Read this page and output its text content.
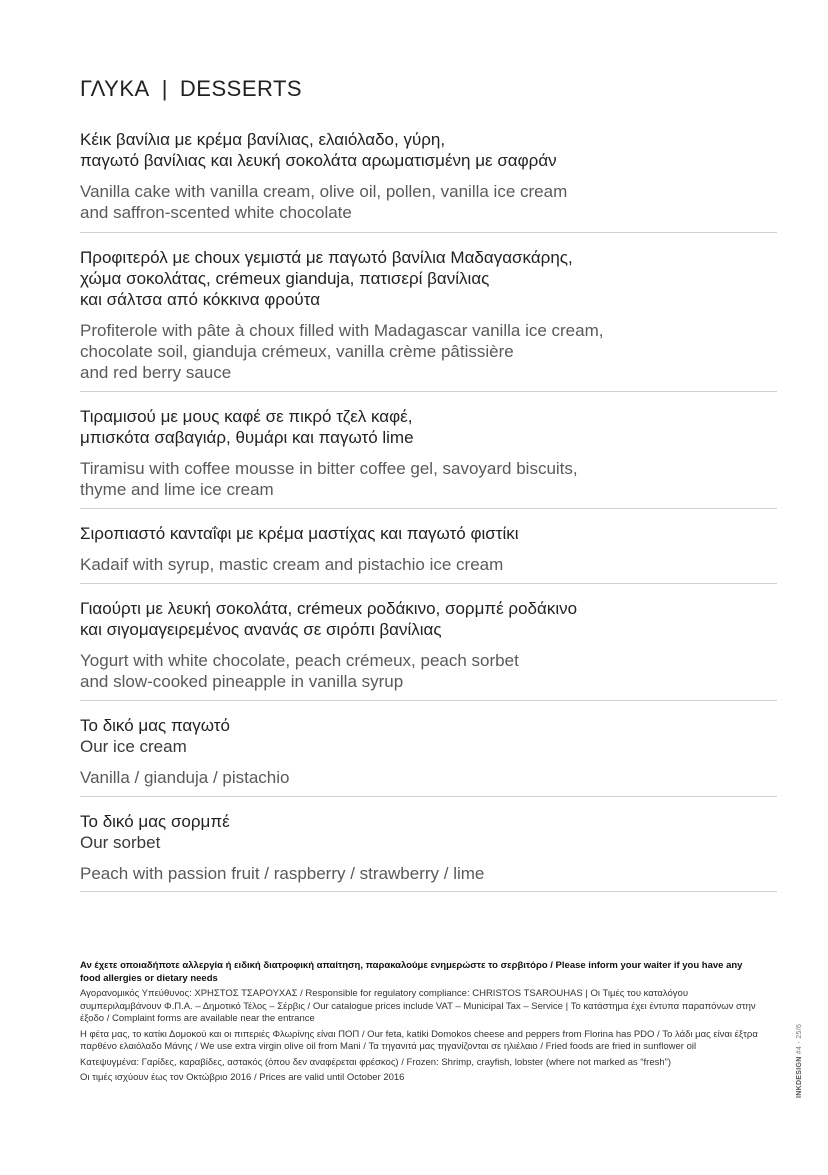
ΓΛΥΚΑ | DESSERTS
Κέικ βανίλια με κρέμα βανίλιας, ελαιόλαδο, γύρη,
παγωτό βανίλιας και λευκή σοκολάτα αρωματισμένη με σαφράν
Vanilla cake with vanilla cream, olive oil, pollen, vanilla ice cream
and saffron-scented white chocolate
Προφιτερόλ με choux γεμιστά με παγωτό βανίλια Μαδαγασκάρης,
χώμα σοκολάτας, crémeux gianduja, πατισερί βανίλιας
και σάλτσα από κόκκινα φρούτα
Profiterole with pâte à choux filled with Madagascar vanilla ice cream,
chocolate soil, gianduja crémeux, vanilla crème pâtissière
and red berry sauce
Τιραμισού με μους καφέ σε πικρό τζελ καφέ,
μπισκότα σαβαγιάρ, θυμάρι και παγωτό lime
Tiramisu with coffee mousse in bitter coffee gel, savoyard biscuits,
thyme and lime ice cream
Σιροπιαστό κανταΐφι με κρέμα μαστίχας και παγωτό φιστίκι
Kadaif with syrup, mastic cream and pistachio ice cream
Γιαούρτι με λευκή σοκολάτα, crémeux ροδάκινο, σορμπέ ροδάκινο
και σιγομαγειρεμένος ανανάς σε σιρόπι βανίλιας
Yogurt with white chocolate, peach crémeux, peach sorbet
and slow-cooked pineapple in vanilla syrup
Το δικό μας παγωτό
Our ice cream
Vanilla / gianduja / pistachio
Το δικό μας σορμπέ
Our sorbet
Peach with passion fruit / raspberry / strawberry / lime

Αν έχετε οποιαδήποτε αλλεργία ή ειδική διατροφική απαίτηση, παρακαλούμε ενημερώστε το σερβιτόρο / Please inform your waiter if you have any food allergies or dietary needs

Αγορανομικός Υπεύθυνος: ΧΡΗΣΤΟΣ ΤΣΑΡΟΥΧΑΣ / Responsible for regulatory compliance: CHRISTOS TSAROUHAS | Οι Τιμές του καταλόγου συμπεριλαμβάνουν Φ.Π.Α. – Δημοτικό Τέλος – Σέρβις / Our catalogue prices include VAT – Municipal Tax – Service | Το κατάστημα έχει έντυπα παραπόνων στην έξοδο / Complaint forms are available near the entrance

Η φέτα μας, το κατίκι Δομοκού και οι πιπεριές Φλωρίνης είναι ΠΟΠ / Our feta, katiki Domokos cheese and peppers from Florina has PDO / Το λάδι μας είναι έξτρα παρθένο ελαιόλαδο Μάνης / We use extra virgin olive oil from Mani / Τα τηγανιτά μας τηγανίζονται σε ηλιέλαιο / Fried foods are fried in sunflower oil

Κατεψυγμένα: Γαρίδες, καραβίδες, αστακός (όπου δεν αναφέρεται φρέσκος) / Frozen: Shrimp, crayfish, lobster (where not marked as “fresh”)

Οι τιμές ισχύουν έως τον Οκτώβριο 2016 / Prices are valid until October 2016	INKDESIGN #4 - 25/6
